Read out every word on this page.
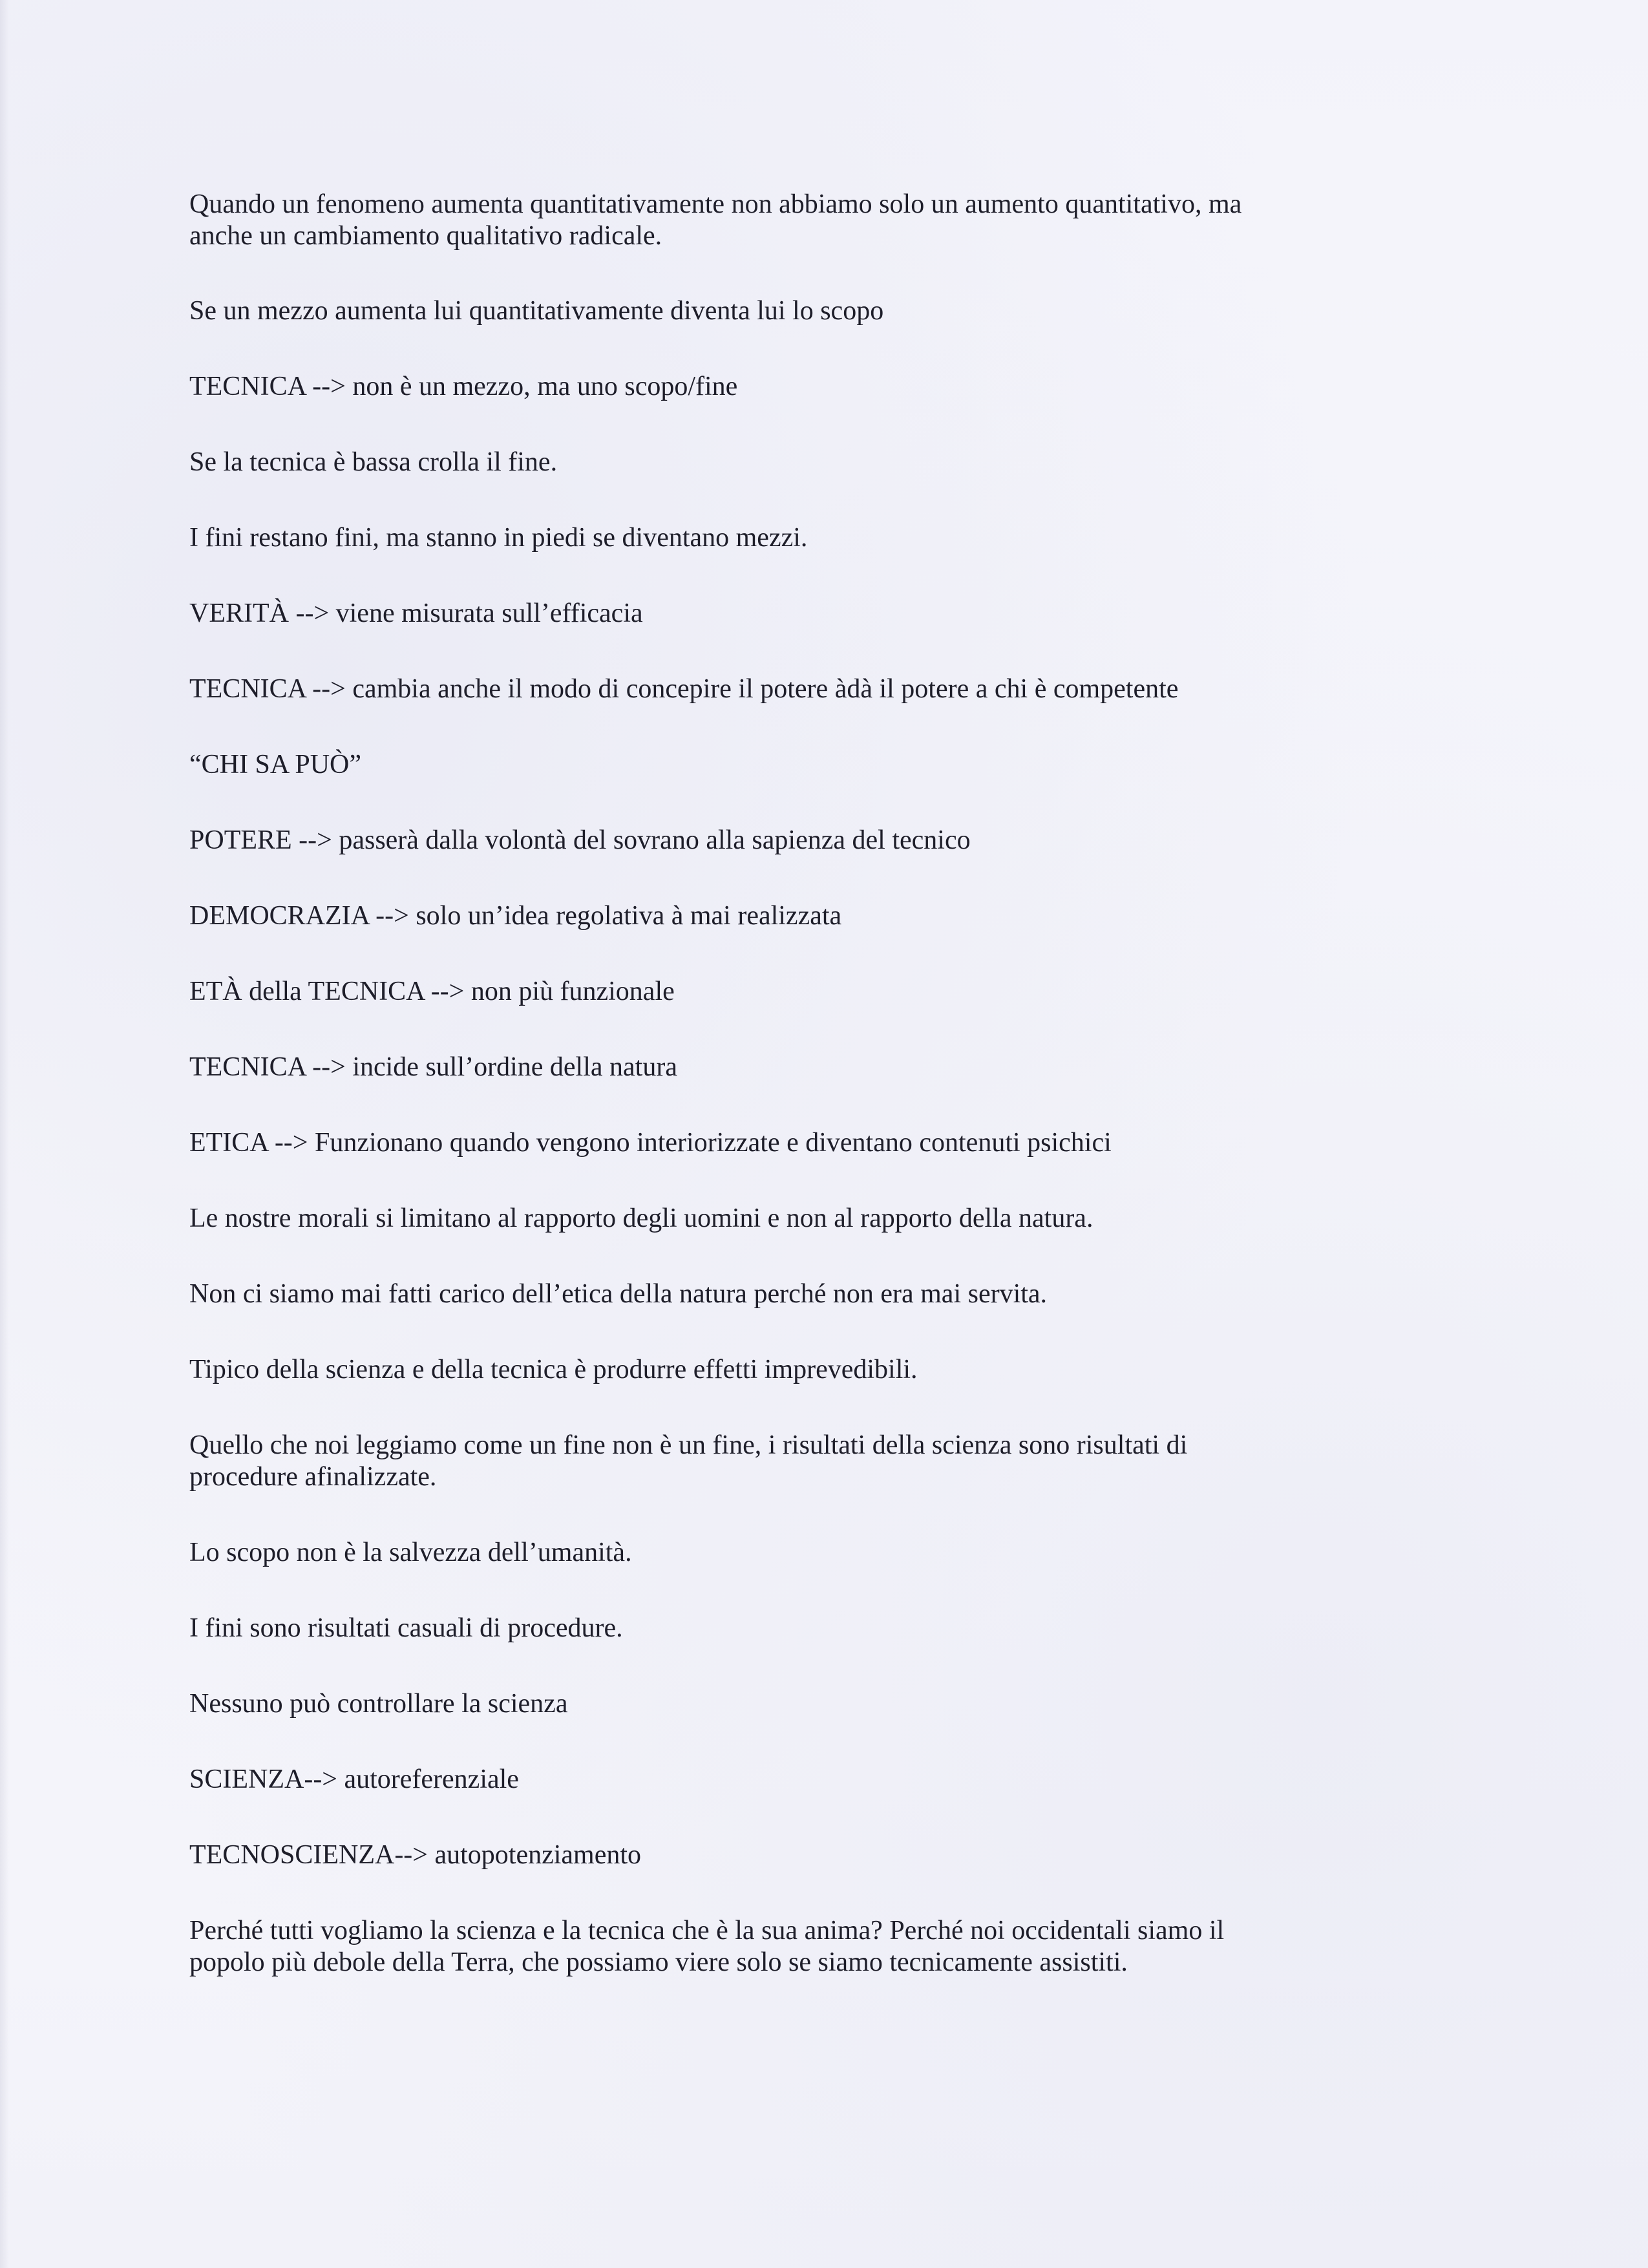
Quando un fenomeno aumenta quantitativamente non abbiamo solo un aumento quantitativo, ma
anche un cambiamento qualitativo radicale.

Se un mezzo aumenta lui quantitativamente diventa lui lo scopo

TECNICA --> non è un mezzo, ma uno scopo/fine

Se la tecnica è bassa crolla il fine.

I fini restano fini, ma stanno in piedi se diventano mezzi.

VERITÀ --> viene misurata sull’efficacia

TECNICA --> cambia anche il modo di concepire il potere àdà il potere a chi è competente

“CHI SA PUÒ”

POTERE --> passerà dalla volontà del sovrano alla sapienza del tecnico

DEMOCRAZIA --> solo un’idea regolativa à mai realizzata

ETÀ della TECNICA --> non più funzionale

TECNICA --> incide sull’ordine della natura

ETICA --> Funzionano quando vengono interiorizzate e diventano contenuti psichici

Le nostre morali si limitano al rapporto degli uomini e non al rapporto della natura.

Non ci siamo mai fatti carico dell’etica della natura perché non era mai servita.

Tipico della scienza e della tecnica è produrre effetti imprevedibili.

Quello che noi leggiamo come un fine non è un fine, i risultati della scienza sono risultati di
procedure afinalizzate.

Lo scopo non è la salvezza dell’umanità.

I fini sono risultati casuali di procedure.

Nessuno può controllare la scienza

SCIENZA--> autoreferenziale

TECNOSCIENZA--> autopotenziamento

Perché tutti vogliamo la scienza e la tecnica che è la sua anima? Perché noi occidentali siamo il
popolo più debole della Terra, che possiamo viere solo se siamo tecnicamente assistiti.
